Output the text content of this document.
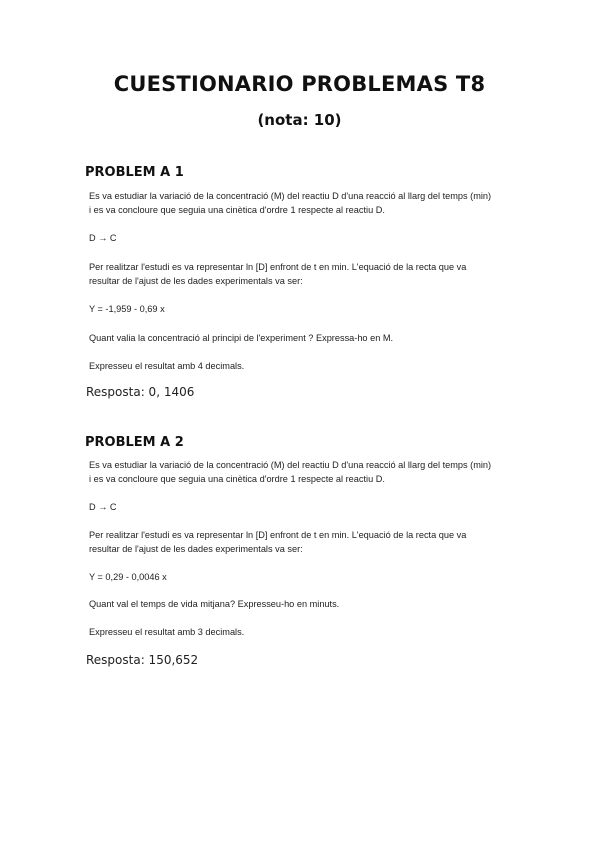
CUESTIONARIO PROBLEMAS T8
(nota: 10)
PROBLEM A 1

Es va estudiar la variació de la concentració (M) del reactiu D d'una reacció al llarg del temps (min)

i es va concloure que seguia una cinètica d'ordre 1 respecte al reactiu D.

D → C

Per realitzar l'estudi es va representar ln [D] enfront de t en min. L'equació de la recta que va

resultar de l'ajust de les dades experimentals va ser:

Y = -1,959 - 0,69 x

Quant valia la concentració al principi de l'experiment ? Expressa-ho en M.

Expresseu el resultat amb 4 decimals.

Resposta: 0, 1406

PROBLEM A 2

Es va estudiar la variació de la concentració (M) del reactiu D d'una reacció al llarg del temps (min)

i es va concloure que seguia una cinètica d'ordre 1 respecte al reactiu D.

D → C

Per realitzar l'estudi es va representar ln [D] enfront de t en min. L'equació de la recta que va

resultar de l'ajust de les dades experimentals va ser:

Y = 0,29 - 0,0046 x

Quant val el temps de vida mitjana? Expresseu-ho en minuts.

Expresseu el resultat amb 3 decimals.

Resposta: 150,652
